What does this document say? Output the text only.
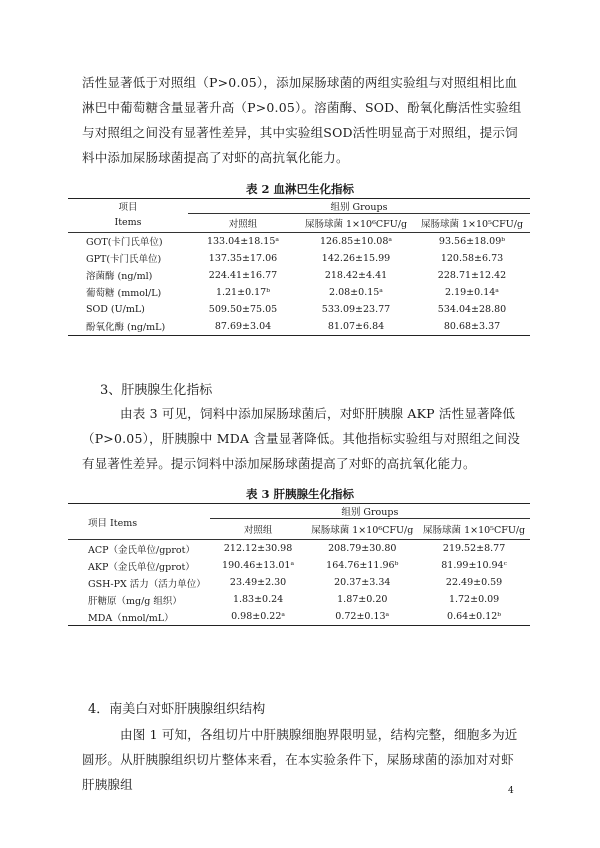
活性显著低于对照组（P>0.05），添加屎肠球菌的两组实验组与对照组相比血淋巴中葡萄糖含量显著升高（P>0.05）。溶菌酶、SOD、酚氧化酶活性实验组与对照组之间没有显著性差异，其中实验组SOD活性明显高于对照组，提示饲料中添加屎肠球菌提高了对虾的高抗氧化能力。

表 2 血淋巴生化指标
项目	组别 Groups		
Items	对照组	屎肠球菌 1×10⁶CFU/g	屎肠球菌 1×10⁵CFU/g
GOT(卡门氏单位)	133.04±18.15ᵃ	126.85±10.08ᵃ	93.56±18.09ᵇ
GPT(卡门氏单位)	137.35±17.06	142.26±15.99	120.58±6.73
溶菌酶 (ng/ml)	224.41±16.77	218.42±4.41	228.71±12.42
葡萄糖 (mmol/L)	1.21±0.17ᵇ	2.08±0.15ᵃ	2.19±0.14ᵃ
SOD (U/mL)	509.50±75.05	533.09±23.77	534.04±28.80
酚氧化酶 (ng/mL)	87.69±3.04	81.07±6.84	80.68±3.37
3、肝胰腺生化指标

由表 3 可见，饲料中添加屎肠球菌后，对虾肝胰腺 AKP 活性显著降低（P>0.05），肝胰腺中 MDA 含量显著降低。其他指标实验组与对照组之间没有显著性差异。提示饲料中添加屎肠球菌提高了对虾的高抗氧化能力。

表 3 肝胰腺生化指标
项目 Items	组别 Groups		
	对照组	屎肠球菌 1×10⁶CFU/g	屎肠球菌 1×10⁵CFU/g
ACP（金氏单位/gprot）	212.12±30.98	208.79±30.80	219.52±8.77
AKP（金氏单位/gprot）	190.46±13.01ᵃ	164.76±11.96ᵇ	81.99±10.94ᶜ
GSH-PX 活力（活力单位）	23.49±2.30	20.37±3.34	22.49±0.59
肝糖原（mg/g 组织）	1.83±0.24	1.87±0.20	1.72±0.09
MDA（nmol/mL）	0.98±0.22ᵃ	0.72±0.13ᵃ	0.64±0.12ᵇ
4．南美白对虾肝胰腺组织结构

由图 1 可知，各组切片中肝胰腺细胞界限明显，结构完整，细胞多为近圆形。从肝胰腺组织切片整体来看，在本实验条件下，屎肠球菌的添加对对虾肝胰腺组	4
